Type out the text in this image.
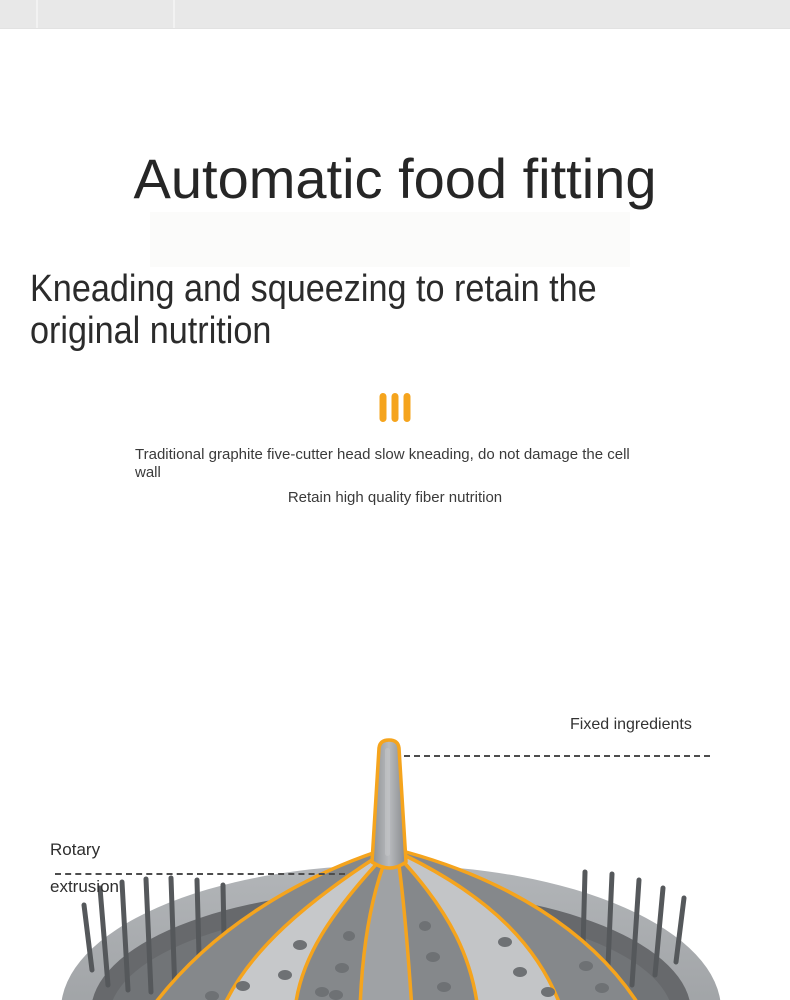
Automatic food fitting
Kneading and squeezing to retain the original nutrition
Traditional graphite five-cutter head slow kneading, do not damage the cell wall
Retain high quality fiber nutrition
Fixed ingredients
Rotary extrusion
